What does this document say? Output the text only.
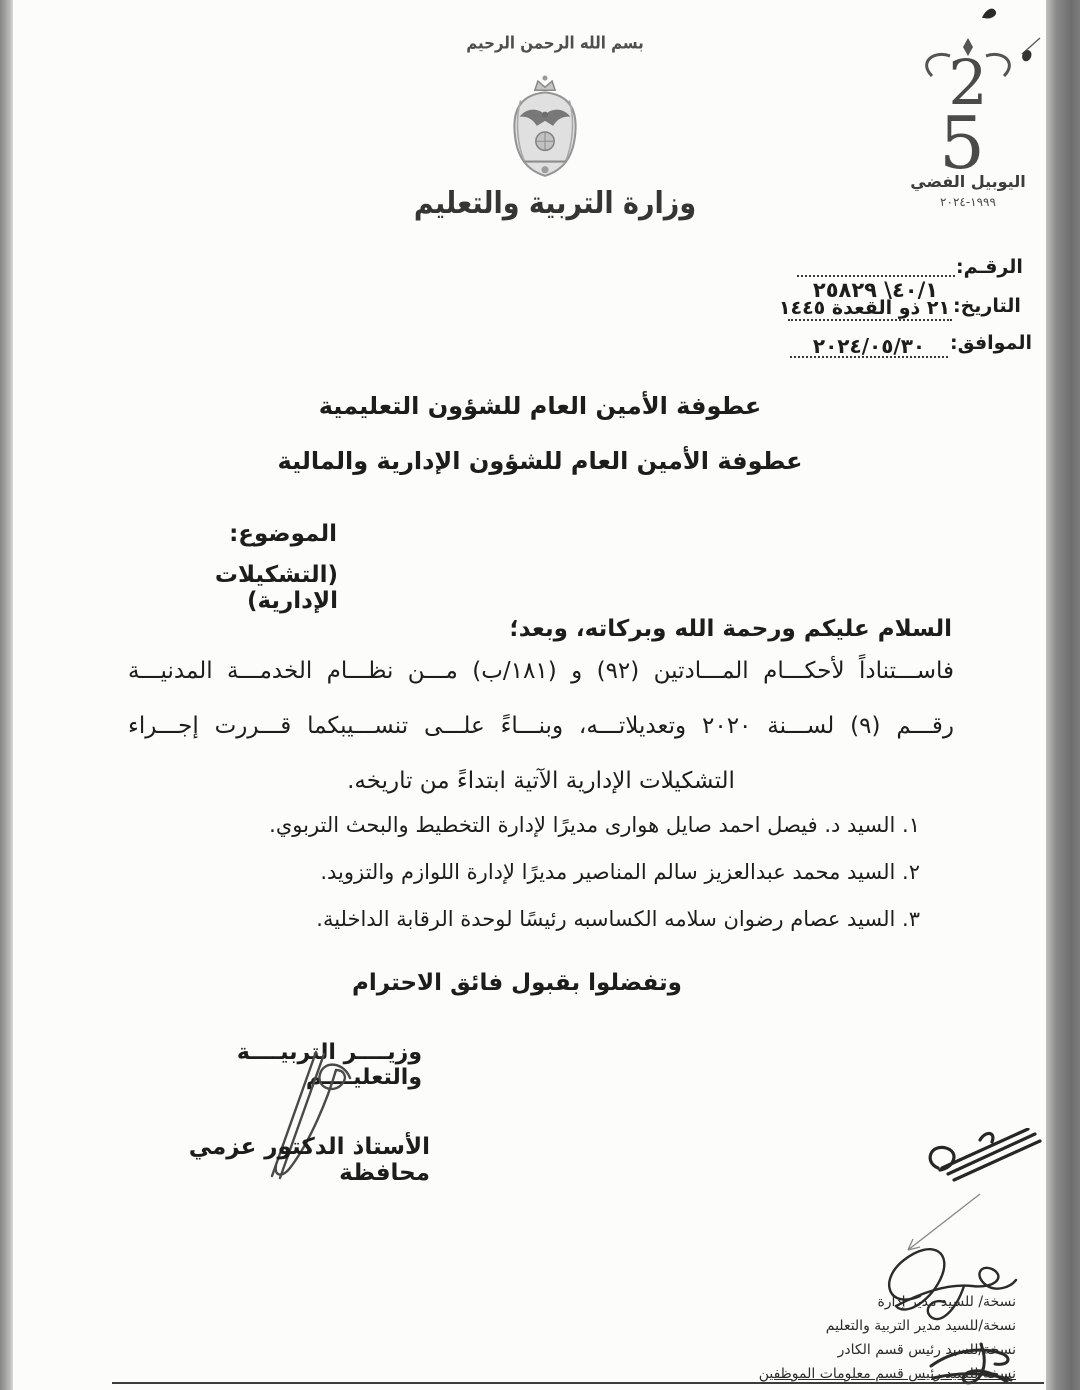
بسم الله الرحمن الرحيم
وزارة التربية والتعليم
2
5
اليوبيل الفضي
٢٠٢٤-١٩٩٩
الرقـم:
٢٥٨٢٩ \٤٠/١
التاريخ:
٢١ ذو القعدة ١٤٤٥
الموافق:
٢٠٢٤/٠٥/٣٠
عطوفة الأمين العام للشؤون التعليمية
عطوفة الأمين العام للشؤون الإدارية والمالية
الموضوع:
(التشكيلات الإدارية)
السلام عليكم ورحمة الله وبركاته، وبعد؛
فاســـتناداً لأحكـــام المـــادتين (٩٢) و (١٨١/ب) مـــن نظـــام الخدمـــة المدنيـــة
رقـــم (٩) لســـنة ٢٠٢٠ وتعديلاتـــه، وبنـــاءً علـــى تنســـيبكما قـــررت إجـــراء
التشكيلات الإدارية الآتية ابتداءً من تاريخه.
١. السيد د. فيصل احمد صايل هوارى مديرًا لإدارة التخطيط والبحث التربوي.
٢. السيد محمد عبدالعزيز سالم المناصير مديرًا لإدارة اللوازم والتزويد.
٣. السيد عصام رضوان سلامه الكساسبه رئيسًا لوحدة الرقابة الداخلية.
وتفضلوا بقبول فائق الاحترام
وزيــــر التربيــــة والتعليــــم
الأستاذ الدكتور عزمي محافظة
نسخة/ للسيد مدير إدارة
نسخة/للسيد مدير التربية والتعليم
نسخة/للسيد رئيس قسم الكادر
نسخة/للسيد رئيس قسم معلومات الموظفين
